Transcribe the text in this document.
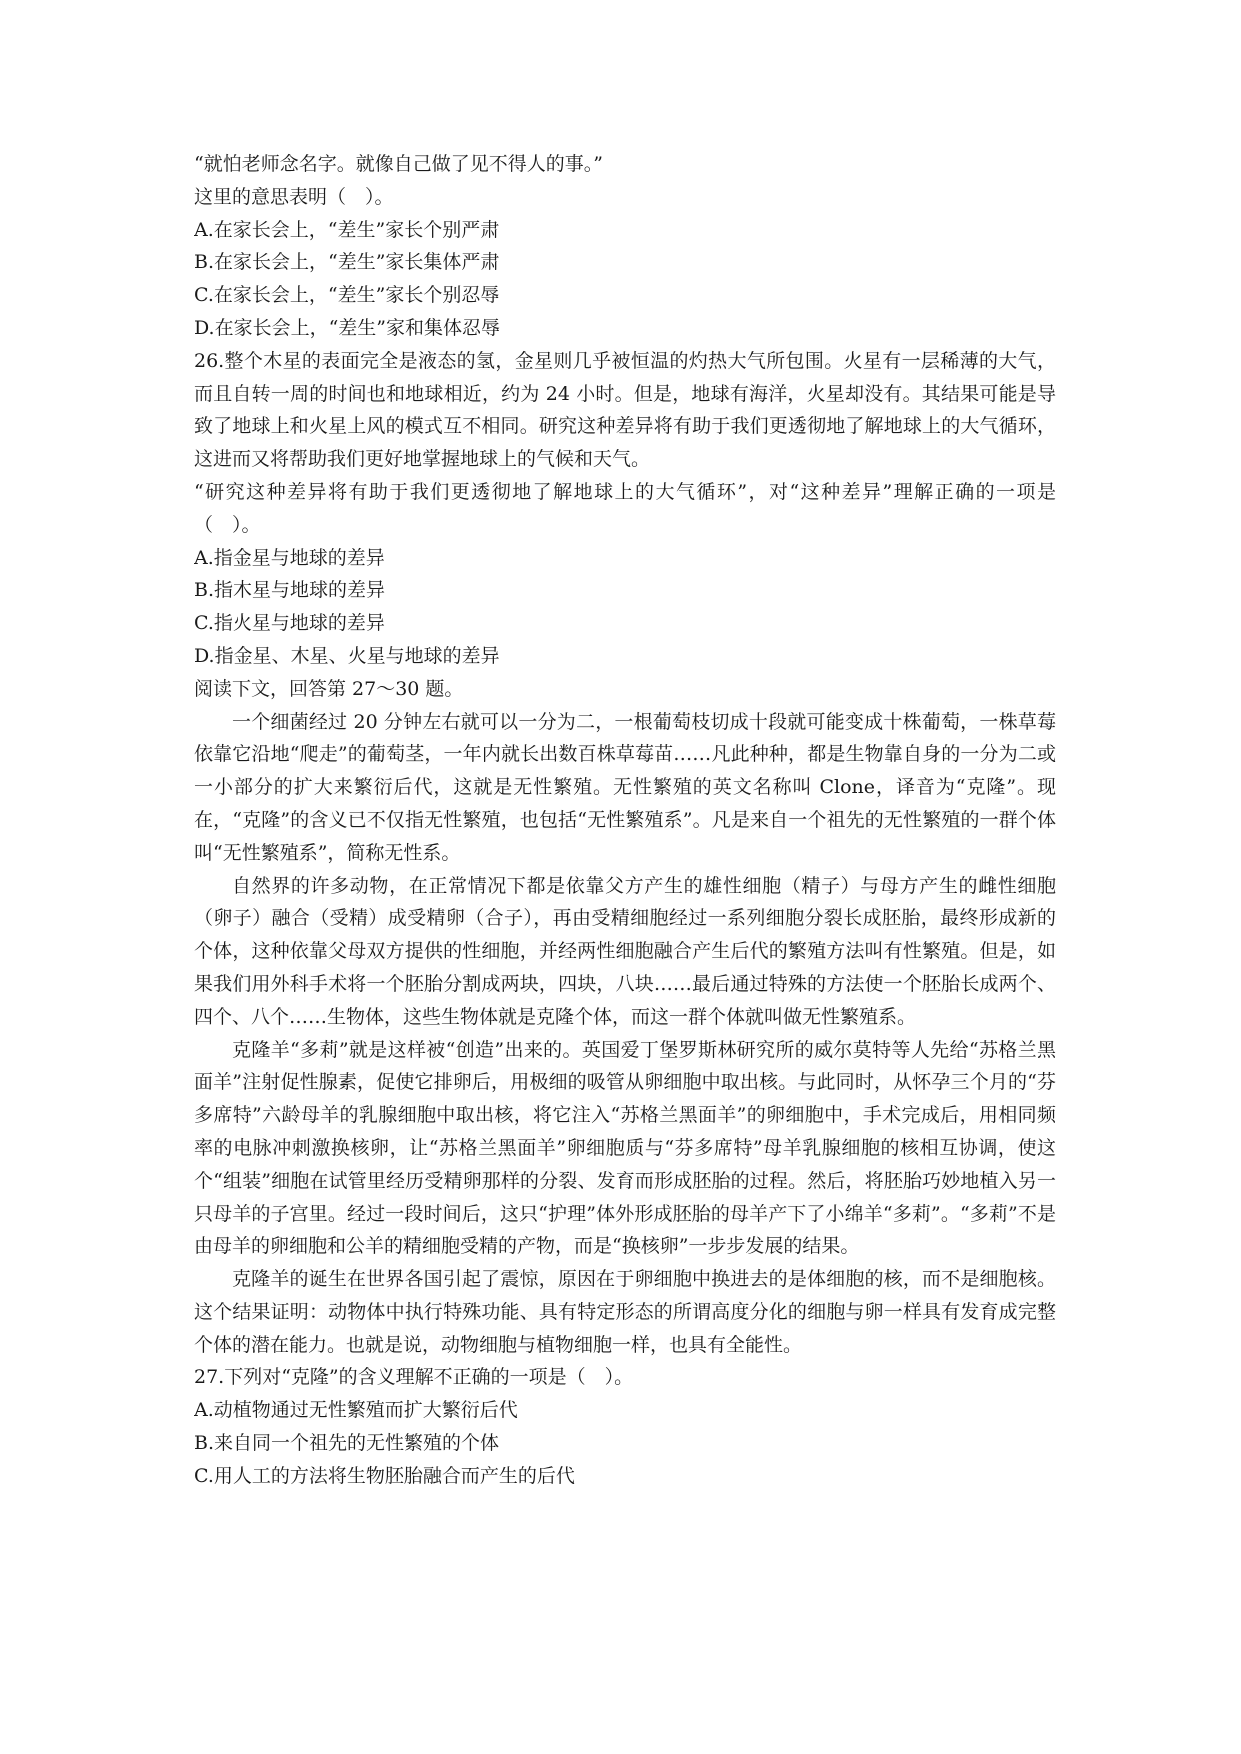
“就怕老师念名字。就像自己做了见不得人的事。”
这里的意思表明（　）。
A.在家长会上，“差生”家长个别严肃
B.在家长会上，“差生”家长集体严肃
C.在家长会上，“差生”家长个别忍辱
D.在家长会上，“差生”家和集体忍辱
26.整个木星的表面完全是液态的氢，金星则几乎被恒温的灼热大气所包围。火星有一层稀薄的大气，而且自转一周的时间也和地球相近，约为 24 小时。但是，地球有海洋，火星却没有。其结果可能是导致了地球上和火星上风的模式互不相同。研究这种差异将有助于我们更透彻地了解地球上的大气循环，这进而又将帮助我们更好地掌握地球上的气候和天气。
“研究这种差异将有助于我们更透彻地了解地球上的大气循环”，对“这种差异”理解正确的一项是（　）。
A.指金星与地球的差异
B.指木星与地球的差异
C.指火星与地球的差异
D.指金星、木星、火星与地球的差异
阅读下文，回答第 27～30 题。
一个细菌经过 20 分钟左右就可以一分为二，一根葡萄枝切成十段就可能变成十株葡萄，一株草莓依靠它沿地“爬走”的葡萄茎，一年内就长出数百株草莓苗……凡此种种，都是生物靠自身的一分为二或一小部分的扩大来繁衍后代，这就是无性繁殖。无性繁殖的英文名称叫 Clone，译音为“克隆”。现在，“克隆”的含义已不仅指无性繁殖，也包括“无性繁殖系”。凡是来自一个祖先的无性繁殖的一群个体叫“无性繁殖系”，简称无性系。
自然界的许多动物，在正常情况下都是依靠父方产生的雄性细胞（精子）与母方产生的雌性细胞（卵子）融合（受精）成受精卵（合子），再由受精细胞经过一系列细胞分裂长成胚胎，最终形成新的个体，这种依靠父母双方提供的性细胞，并经两性细胞融合产生后代的繁殖方法叫有性繁殖。但是，如果我们用外科手术将一个胚胎分割成两块，四块，八块……最后通过特殊的方法使一个胚胎长成两个、四个、八个……生物体，这些生物体就是克隆个体，而这一群个体就叫做无性繁殖系。
克隆羊“多莉”就是这样被“创造”出来的。英国爱丁堡罗斯林研究所的威尔莫特等人先给“苏格兰黑面羊”注射促性腺素，促使它排卵后，用极细的吸管从卵细胞中取出核。与此同时，从怀孕三个月的“芬多席特”六龄母羊的乳腺细胞中取出核，将它注入“苏格兰黑面羊”的卵细胞中，手术完成后，用相同频率的电脉冲刺激换核卵，让“苏格兰黑面羊”卵细胞质与“芬多席特”母羊乳腺细胞的核相互协调，使这个“组装”细胞在试管里经历受精卵那样的分裂、发育而形成胚胎的过程。然后，将胚胎巧妙地植入另一只母羊的子宫里。经过一段时间后，这只“护理”体外形成胚胎的母羊产下了小绵羊“多莉”。“多莉”不是由母羊的卵细胞和公羊的精细胞受精的产物，而是“换核卵”一步步发展的结果。
克隆羊的诞生在世界各国引起了震惊，原因在于卵细胞中换进去的是体细胞的核，而不是细胞核。这个结果证明：动物体中执行特殊功能、具有特定形态的所谓高度分化的细胞与卵一样具有发育成完整个体的潜在能力。也就是说，动物细胞与植物细胞一样，也具有全能性。
27.下列对“克隆”的含义理解不正确的一项是（　）。
A.动植物通过无性繁殖而扩大繁衍后代
B.来自同一个祖先的无性繁殖的个体
C.用人工的方法将生物胚胎融合而产生的后代
